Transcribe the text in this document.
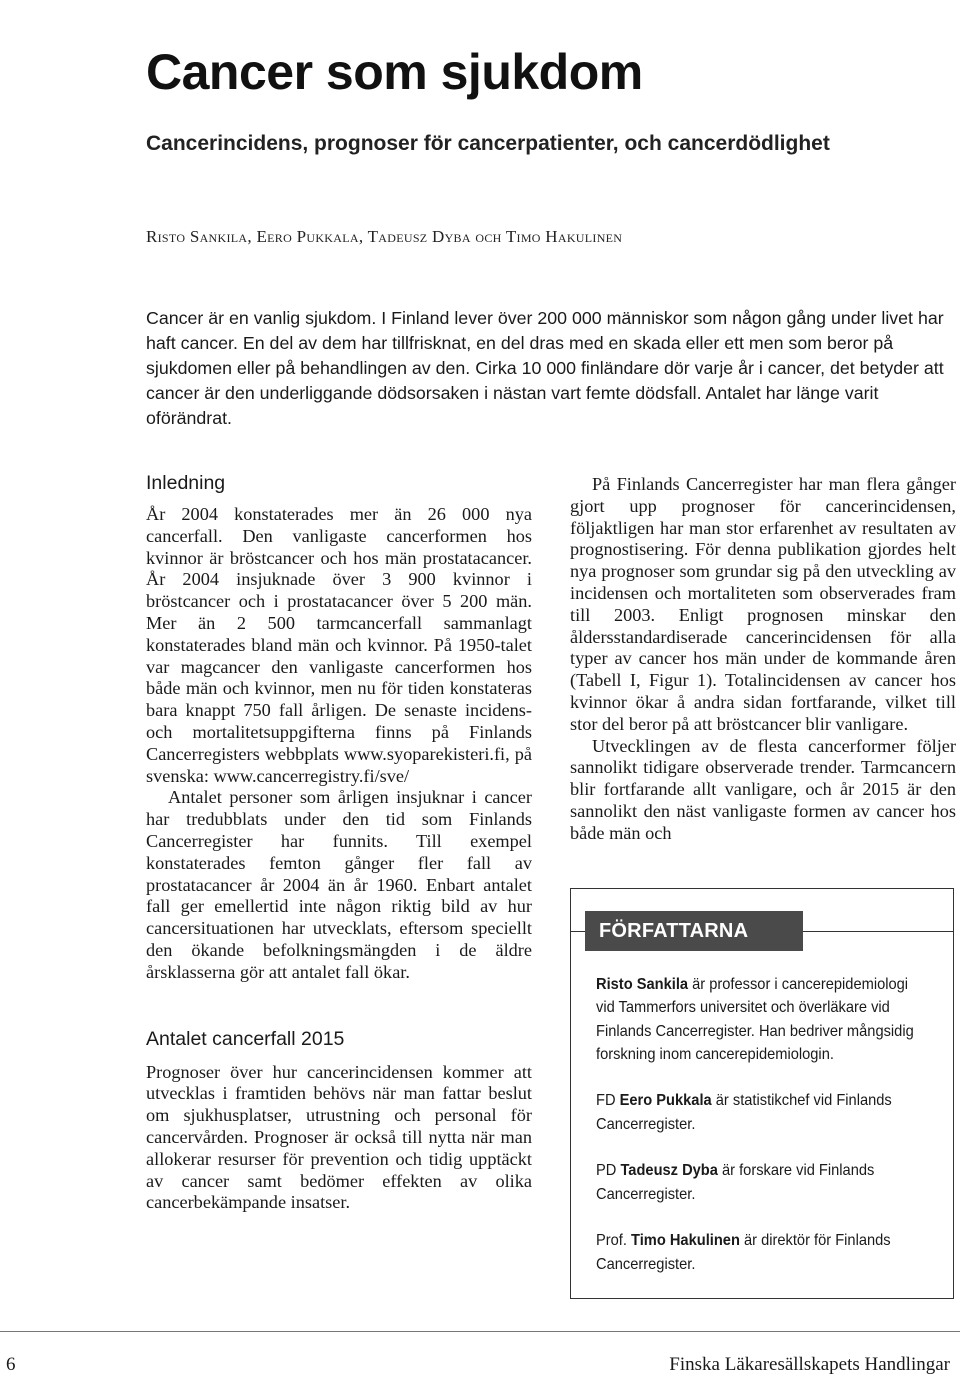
Cancer som sjukdom
Cancerincidens, prognoser för cancerpatienter, och cancerdödlighet
Risto Sankila, Eero Pukkala, Tadeusz Dyba och Timo Hakulinen
Cancer är en vanlig sjukdom. I Finland lever över 200 000 människor som någon gång under livet har haft cancer. En del av dem har tillfrisknat, en del dras med en skada eller ett men som beror på sjukdomen eller på behandlingen av den. Cirka 10 000 finländare dör varje år i cancer, det betyder att cancer är den underliggande dödsorsaken i nästan vart femte dödsfall. Antalet har länge varit oförändrat.
Inledning

År 2004 konstaterades mer än 26 000 nya cancerfall. Den vanligaste cancerformen hos kvinnor är bröstcancer och hos män prostatacancer. År 2004 insjuknade över 3 900 kvinnor i bröstcancer och i prostatacancer över 5 200 män. Mer än 2 500 tarmcancerfall sammanlagt konstaterades bland män och kvinnor. På 1950-talet var magcancer den vanligaste cancerformen hos både män och kvinnor, men nu för tiden konstateras bara knappt 750 fall årligen. De senaste incidens- och mortalitetsuppgifterna finns på Finlands Cancerregisters webbplats www.syoparekisteri.fi, på svenska: www.cancerregistry.fi/sve/

Antalet personer som årligen insjuknar i cancer har tredubblats under den tid som Finlands Cancerregister har funnits. Till exempel konstaterades femton gånger fler fall av prostatacancer år 2004 än år 1960. Enbart antalet fall ger emellertid inte någon riktig bild av hur cancersituationen har utvecklats, eftersom speciellt den ökande befolkningsmängden i de äldre årsklasserna gör att antalet fall ökar.

Antalet cancerfall 2015

Prognoser över hur cancerincidensen kommer att utvecklas i framtiden behövs när man fattar beslut om sjukhusplatser, utrustning och personal för cancervården. Prognoser är också till nytta när man allokerar resurser för prevention och tidig upptäckt av cancer samt bedömer effekten av olika cancerbekämpande insatser.

På Finlands Cancerregister har man flera gånger gjort upp prognoser för cancerincidensen, följaktligen har man stor erfarenhet av resultaten av prognostisering. För denna publikation gjordes helt nya prognoser som grundar sig på den utveckling av incidensen och mortaliteten som observerades fram till 2003. Enligt prognosen minskar den åldersstandardiserade cancerincidensen för alla typer av cancer hos män under de kommande åren (Tabell I, Figur 1). Totalincidensen av cancer hos kvinnor ökar å andra sidan fortfarande, vilket till stor del beror på att bröstcancer blir vanligare.

Utvecklingen av de flesta cancerformer följer sannolikt tidigare observerade trender. Tarmcancern blir fortfarande allt vanligare, och år 2015 är den sannolikt den näst vanligaste formen av cancer hos både män och

FÖRFATTARNA

Risto Sankila är professor i cancerepidemiologi vid Tammerfors universitet och överläkare vid Finlands Cancerregister. Han bedriver mångsidig forskning inom cancerepidemiologin.

FD Eero Pukkala är statistikchef vid Finlands Cancerregister.

PD Tadeusz Dyba är forskare vid Finlands Cancerregister.

Prof. Timo Hakulinen är direktör för Finlands Cancerregister.

6	Finska Läkaresällskapets Handlingar
